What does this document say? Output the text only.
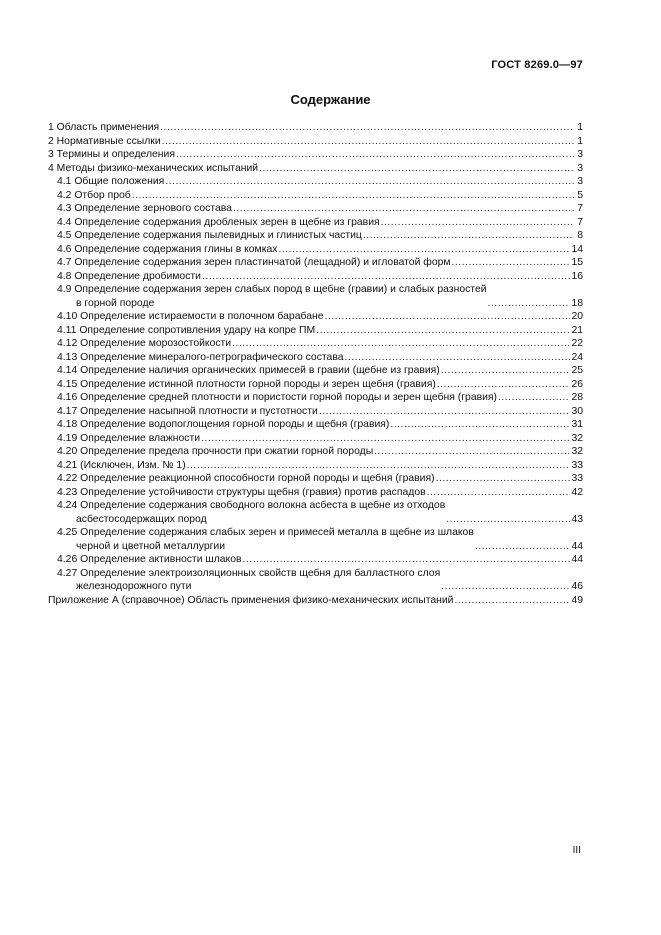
ГОСТ 8269.0—97
Содержание
1 Область применения .....	1
2 Нормативные ссылки .....	1
3 Термины и определения .....	3
4 Методы физико-механических испытаний .....	3
4.1 Общие положения .....	3
4.2 Отбор проб .....	5
4.3 Определение зернового состава .....	7
4.4 Определение содержания дробленых зерен в щебне из гравия .....	7
4.5 Определение содержания пылевидных и глинистых частиц .....	8
4.6 Определение содержания глины в комках .....	14
4.7 Определение содержания зерен пластинчатой (лещадной) и игловатой форм .....	15
4.8 Определение дробимости .....	16
4.9 Определение содержания зерен слабых пород в щебне (гравии) и слабых разностей
в горной породе .....	18
4.10 Определение истираемости в полочном барабане .....	20
4.11 Определение сопротивления удару на копре ПМ .....	21
4.12 Определение морозостойкости .....	22
4.13 Определение минералого-петрографического состава .....	24
4.14 Определение наличия органических примесей в гравии (щебне из гравия) .....	25
4.15 Определение истинной плотности горной породы и зерен щебня (гравия) .....	26
4.16 Определение средней плотности и пористости горной породы и зерен щебня (гравия) .....	28
4.17 Определение насыпной плотности и пустотности .....	30
4.18 Определение водопоглощения горной породы и щебня (гравия) .....	31
4.19 Определение влажности .....	32
4.20 Определение предела прочности при сжатии горной породы .....	32
4.21 (Исключен, Изм. № 1) .....	33
4.22 Определение реакционной способности горной породы и щебня (гравия) .....	33
4.23 Определение устойчивости структуры щебня (гравия) против распадов .....	42
4.24 Определение содержания свободного волокна асбеста в щебне из отходов
асбестосодержащих пород .....	43
4.25 Определение содержания слабых зерен и примесей металла в щебне из шлаков
черной и цветной металлургии .....	44
4.26 Определение активности шлаков .....	44
4.27 Определение электроизоляционных свойств щебня для балластного слоя
железнодорожного пути .....	46
Приложение А (справочное) Область применения физико-механических испытаний .....	49
III
